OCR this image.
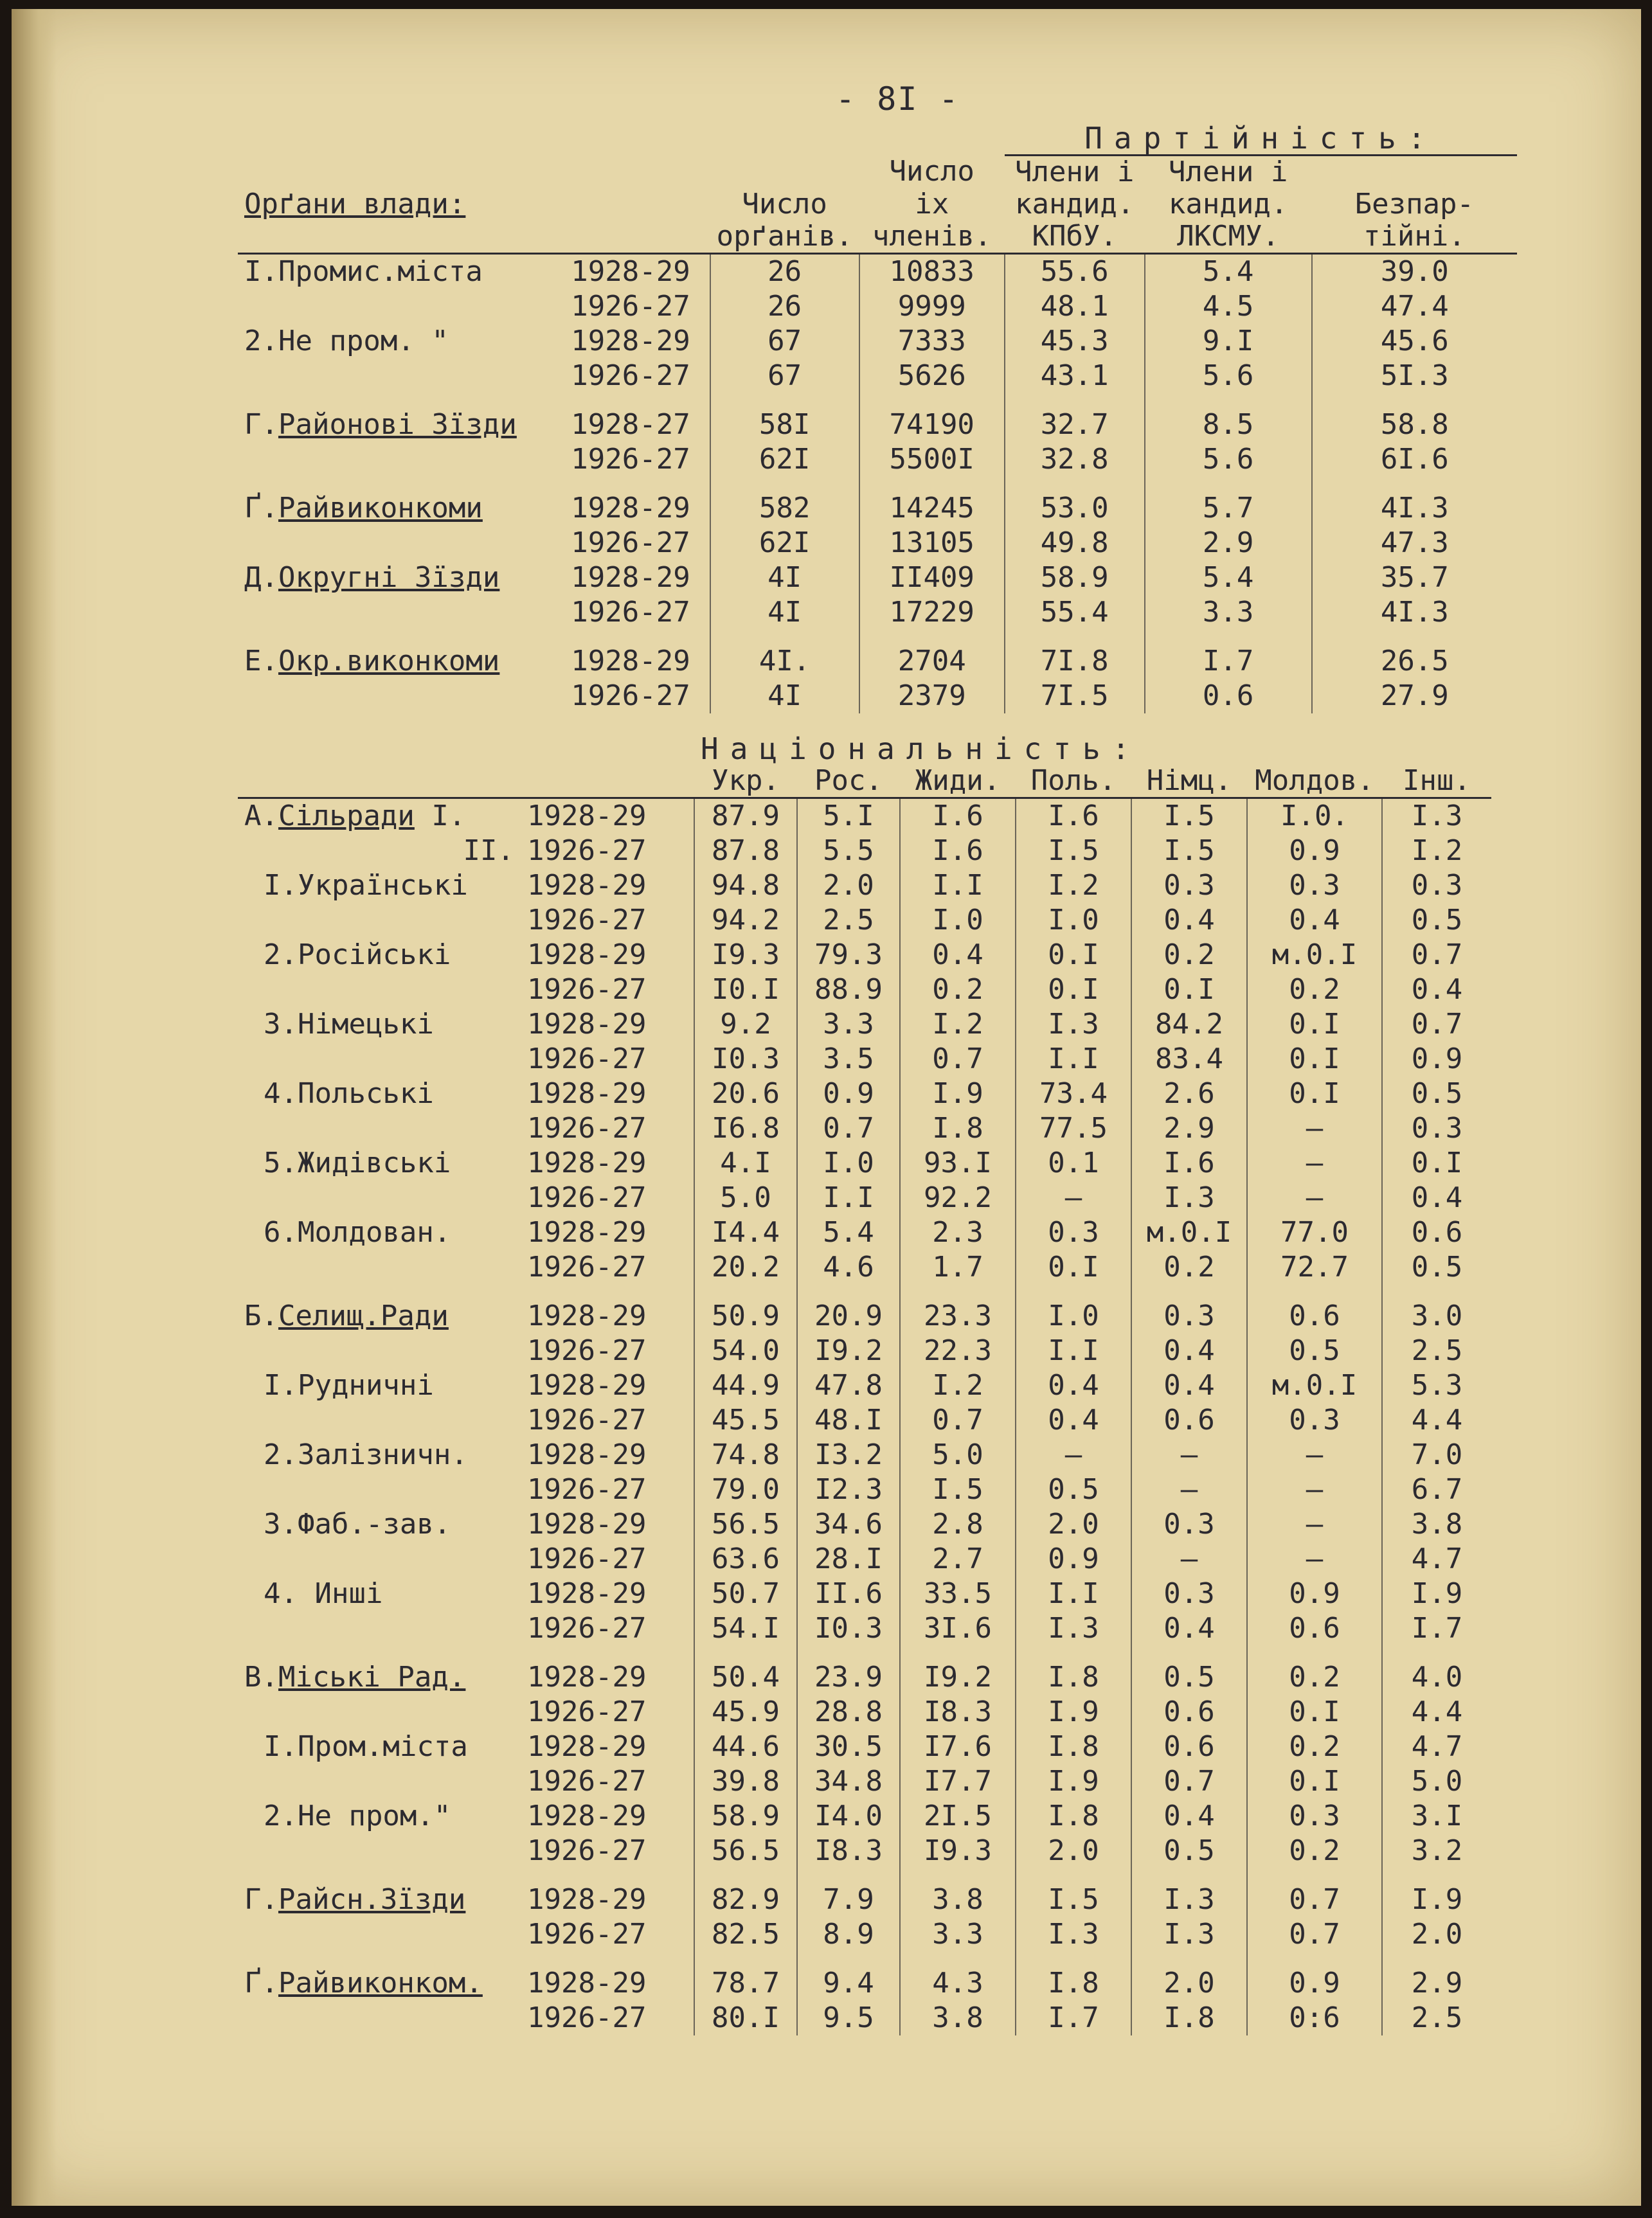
- 8I -
				Партійність:		
			Число	Члени і	Члени і	
Орґани влади:		Число	іх	кандид.	кандид.	Безпар-
		орґанів.	членів.	КПбУ.	ЛКСМУ.	тійні.
I.Промис.міста	1928-29	26	10833	55.6	5.4	39.0
	1926-27	26	9999	48.1	4.5	47.4
2.Не пром. "	1928-29	67	7333	45.3	9.I	45.6
	1926-27	67	5626	43.1	5.6	5I.3

Г.Районові Зїзди	1928-27	58I	74190	32.7	8.5	58.8
	1926-27	62I	5500I	32.8	5.6	6I.6

Ґ.Райвиконкоми	1928-29	582	14245	53.0	5.7	4I.3
	1926-27	62I	13105	49.8	2.9	47.3
Д.Округні Зїзди	1928-29	4I	II409	58.9	5.4	35.7
	1926-27	4I	17229	55.4	3.3	4I.3

Е.Окр.виконкоми	1928-29	4I.	2704	7I.8	I.7	26.5
	1926-27	4I	2379	7I.5	0.6	27.9
		Національність:						
		Укр.	Рос.	Жиди.	Поль.	Німц.	Молдов.	Інш.
А.Сільради I.	1928-29	87.9	5.I	I.6	I.6	I.5	I.0.	I.3
II.	1926-27	87.8	5.5	I.6	I.5	I.5	0.9	I.2
I.Українські	1928-29	94.8	2.0	I.I	I.2	0.3	0.3	0.3
	1926-27	94.2	2.5	I.0	I.0	0.4	0.4	0.5
2.Російські	1928-29	I9.3	79.3	0.4	0.I	0.2	м.0.I	0.7
	1926-27	I0.I	88.9	0.2	0.I	0.I	0.2	0.4
3.Німецькі	1928-29	9.2	3.3	I.2	I.3	84.2	0.I	0.7
	1926-27	I0.3	3.5	0.7	I.I	83.4	0.I	0.9
4.Польські	1928-29	20.6	0.9	I.9	73.4	2.6	0.I	0.5
	1926-27	I6.8	0.7	I.8	77.5	2.9	–	0.3
5.Жидівські	1928-29	4.I	I.0	93.I	0.1	I.6	–	0.I
	1926-27	5.0	I.I	92.2	–	I.3	–	0.4
6.Молдован.	1928-29	I4.4	5.4	2.3	0.3	м.0.I	77.0	0.6
	1926-27	20.2	4.6	1.7	0.I	0.2	72.7	0.5

Б.Селищ.Ради	1928-29	50.9	20.9	23.3	I.0	0.3	0.6	3.0
	1926-27	54.0	I9.2	22.3	I.I	0.4	0.5	2.5
I.Рудничні	1928-29	44.9	47.8	I.2	0.4	0.4	м.0.I	5.3
	1926-27	45.5	48.I	0.7	0.4	0.6	0.3	4.4
2.Залізничн.	1928-29	74.8	I3.2	5.0	–	–	–	7.0
	1926-27	79.0	I2.3	I.5	0.5	–	–	6.7
3.Фаб.-зав.	1928-29	56.5	34.6	2.8	2.0	0.3	–	3.8
	1926-27	63.6	28.I	2.7	0.9	–	–	4.7
4. Инші	1928-29	50.7	II.6	33.5	I.I	0.3	0.9	I.9
	1926-27	54.I	I0.3	3I.6	I.3	0.4	0.6	I.7

В.Міські Рад.	1928-29	50.4	23.9	I9.2	I.8	0.5	0.2	4.0
	1926-27	45.9	28.8	I8.3	I.9	0.6	0.I	4.4
I.Пром.міста	1928-29	44.6	30.5	I7.6	I.8	0.6	0.2	4.7
	1926-27	39.8	34.8	I7.7	I.9	0.7	0.I	5.0
2.Не пром."	1928-29	58.9	I4.0	2I.5	I.8	0.4	0.3	3.I
	1926-27	56.5	I8.3	I9.3	2.0	0.5	0.2	3.2

Г.Райсн.Зїзди	1928-29	82.9	7.9	3.8	I.5	I.3	0.7	I.9
	1926-27	82.5	8.9	3.3	I.3	I.3	0.7	2.0

Ґ.Райвиконком.	1928-29	78.7	9.4	4.3	I.8	2.0	0.9	2.9
	1926-27	80.I	9.5	3.8	I.7	I.8	0:6	2.5
